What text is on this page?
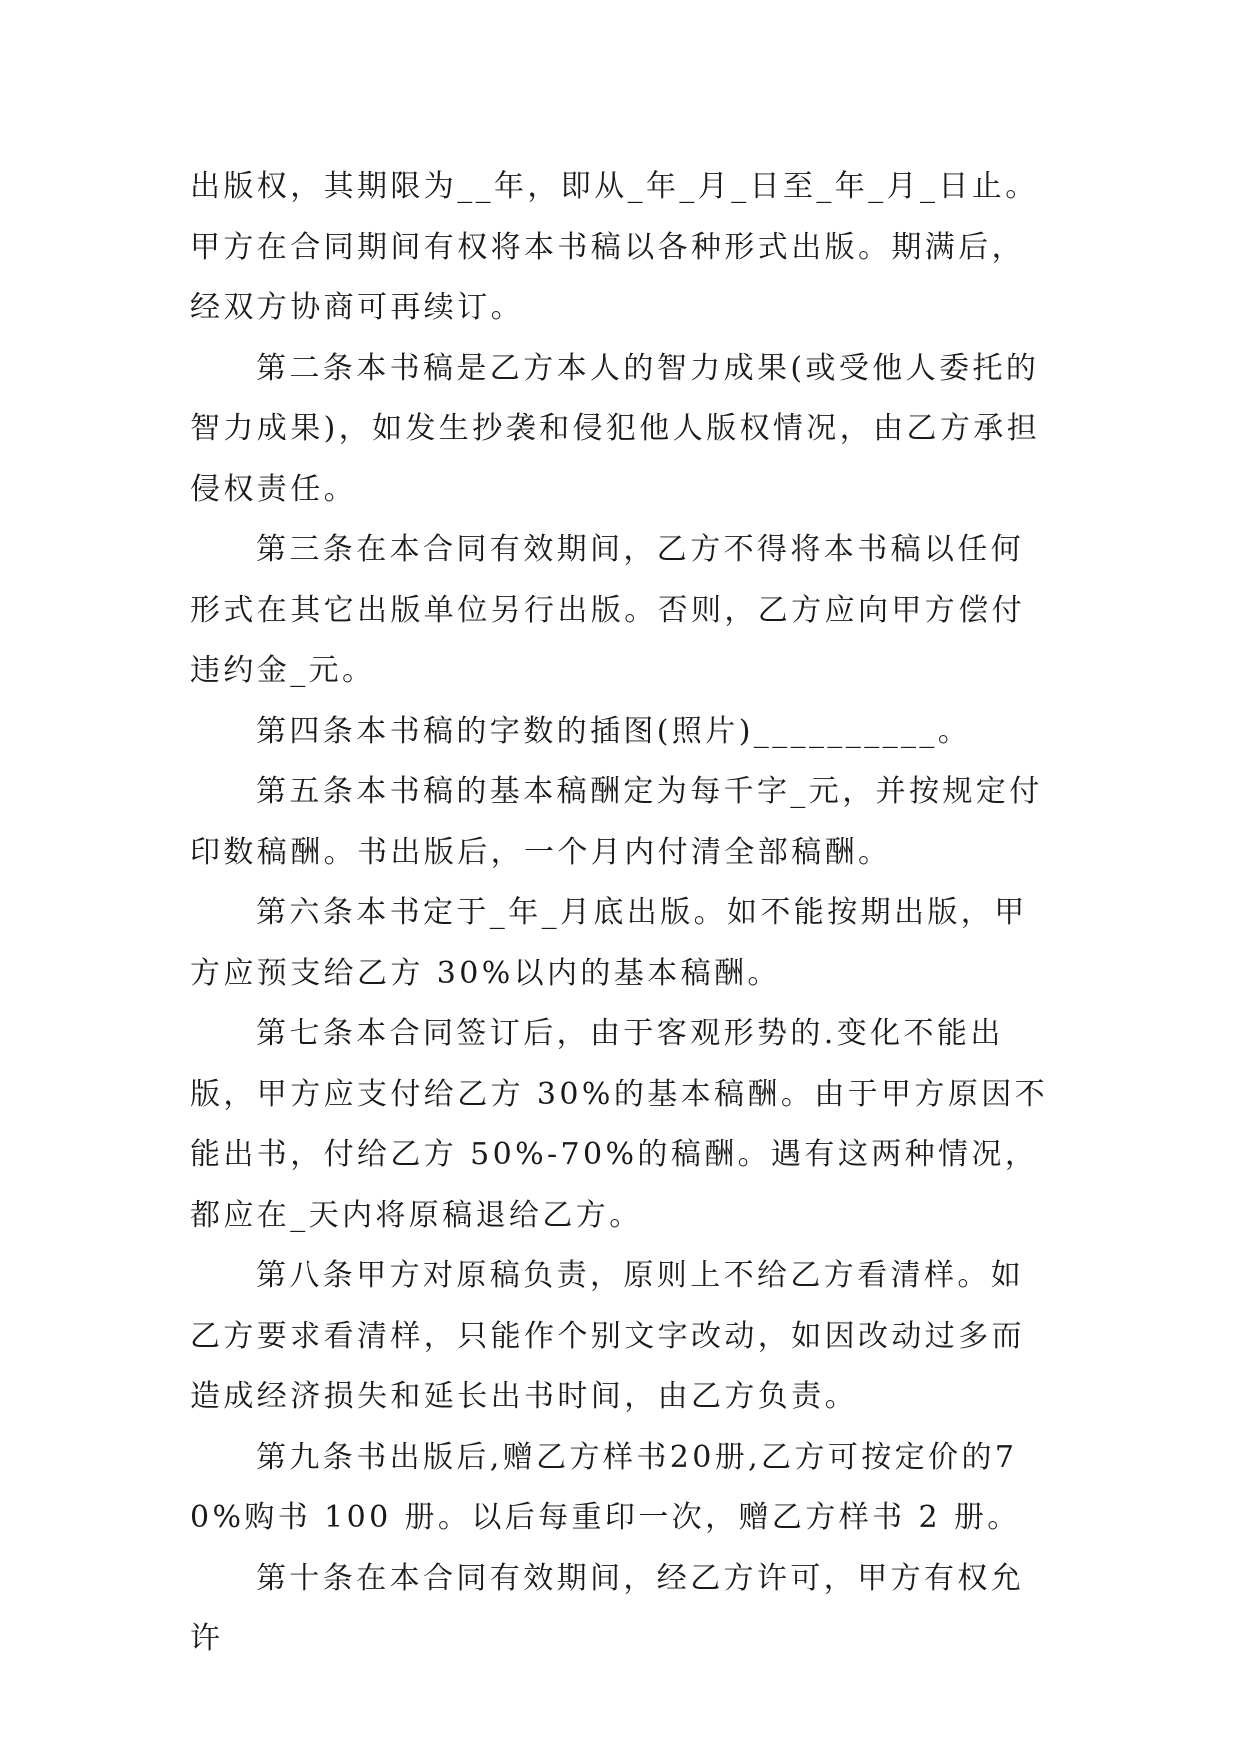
出版权，其期限为__年，即从_年_月_日至_年_月_日止。甲方在合同期间有权将本书稿以各种形式出版。期满后，经双方协商可再续订。

第二条本书稿是乙方本人的智力成果(或受他人委托的智力成果)，如发生抄袭和侵犯他人版权情况，由乙方承担侵权责任。

第三条在本合同有效期间，乙方不得将本书稿以任何形式在其它出版单位另行出版。否则，乙方应向甲方偿付违约金_元。

第四条本书稿的字数的插图(照片)__________。

第五条本书稿的基本稿酬定为每千字_元，并按规定付印数稿酬。书出版后，一个月内付清全部稿酬。

第六条本书定于_年_月底出版。如不能按期出版，甲方应预支给乙方 30%以内的基本稿酬。

第七条本合同签订后，由于客观形势的.变化不能出版，甲方应支付给乙方 30%的基本稿酬。由于甲方原因不能出书，付给乙方 50%-70%的稿酬。遇有这两种情况，都应在_天内将原稿退给乙方。

第八条甲方对原稿负责，原则上不给乙方看清样。如乙方要求看清样，只能作个别文字改动，如因改动过多而造成经济损失和延长出书时间，由乙方负责。

第九条书出版后,赠乙方样书20册,乙方可按定价的70%购书 100 册。以后每重印一次，赠乙方样书 2 册。

第十条在本合同有效期间，经乙方许可，甲方有权允许
